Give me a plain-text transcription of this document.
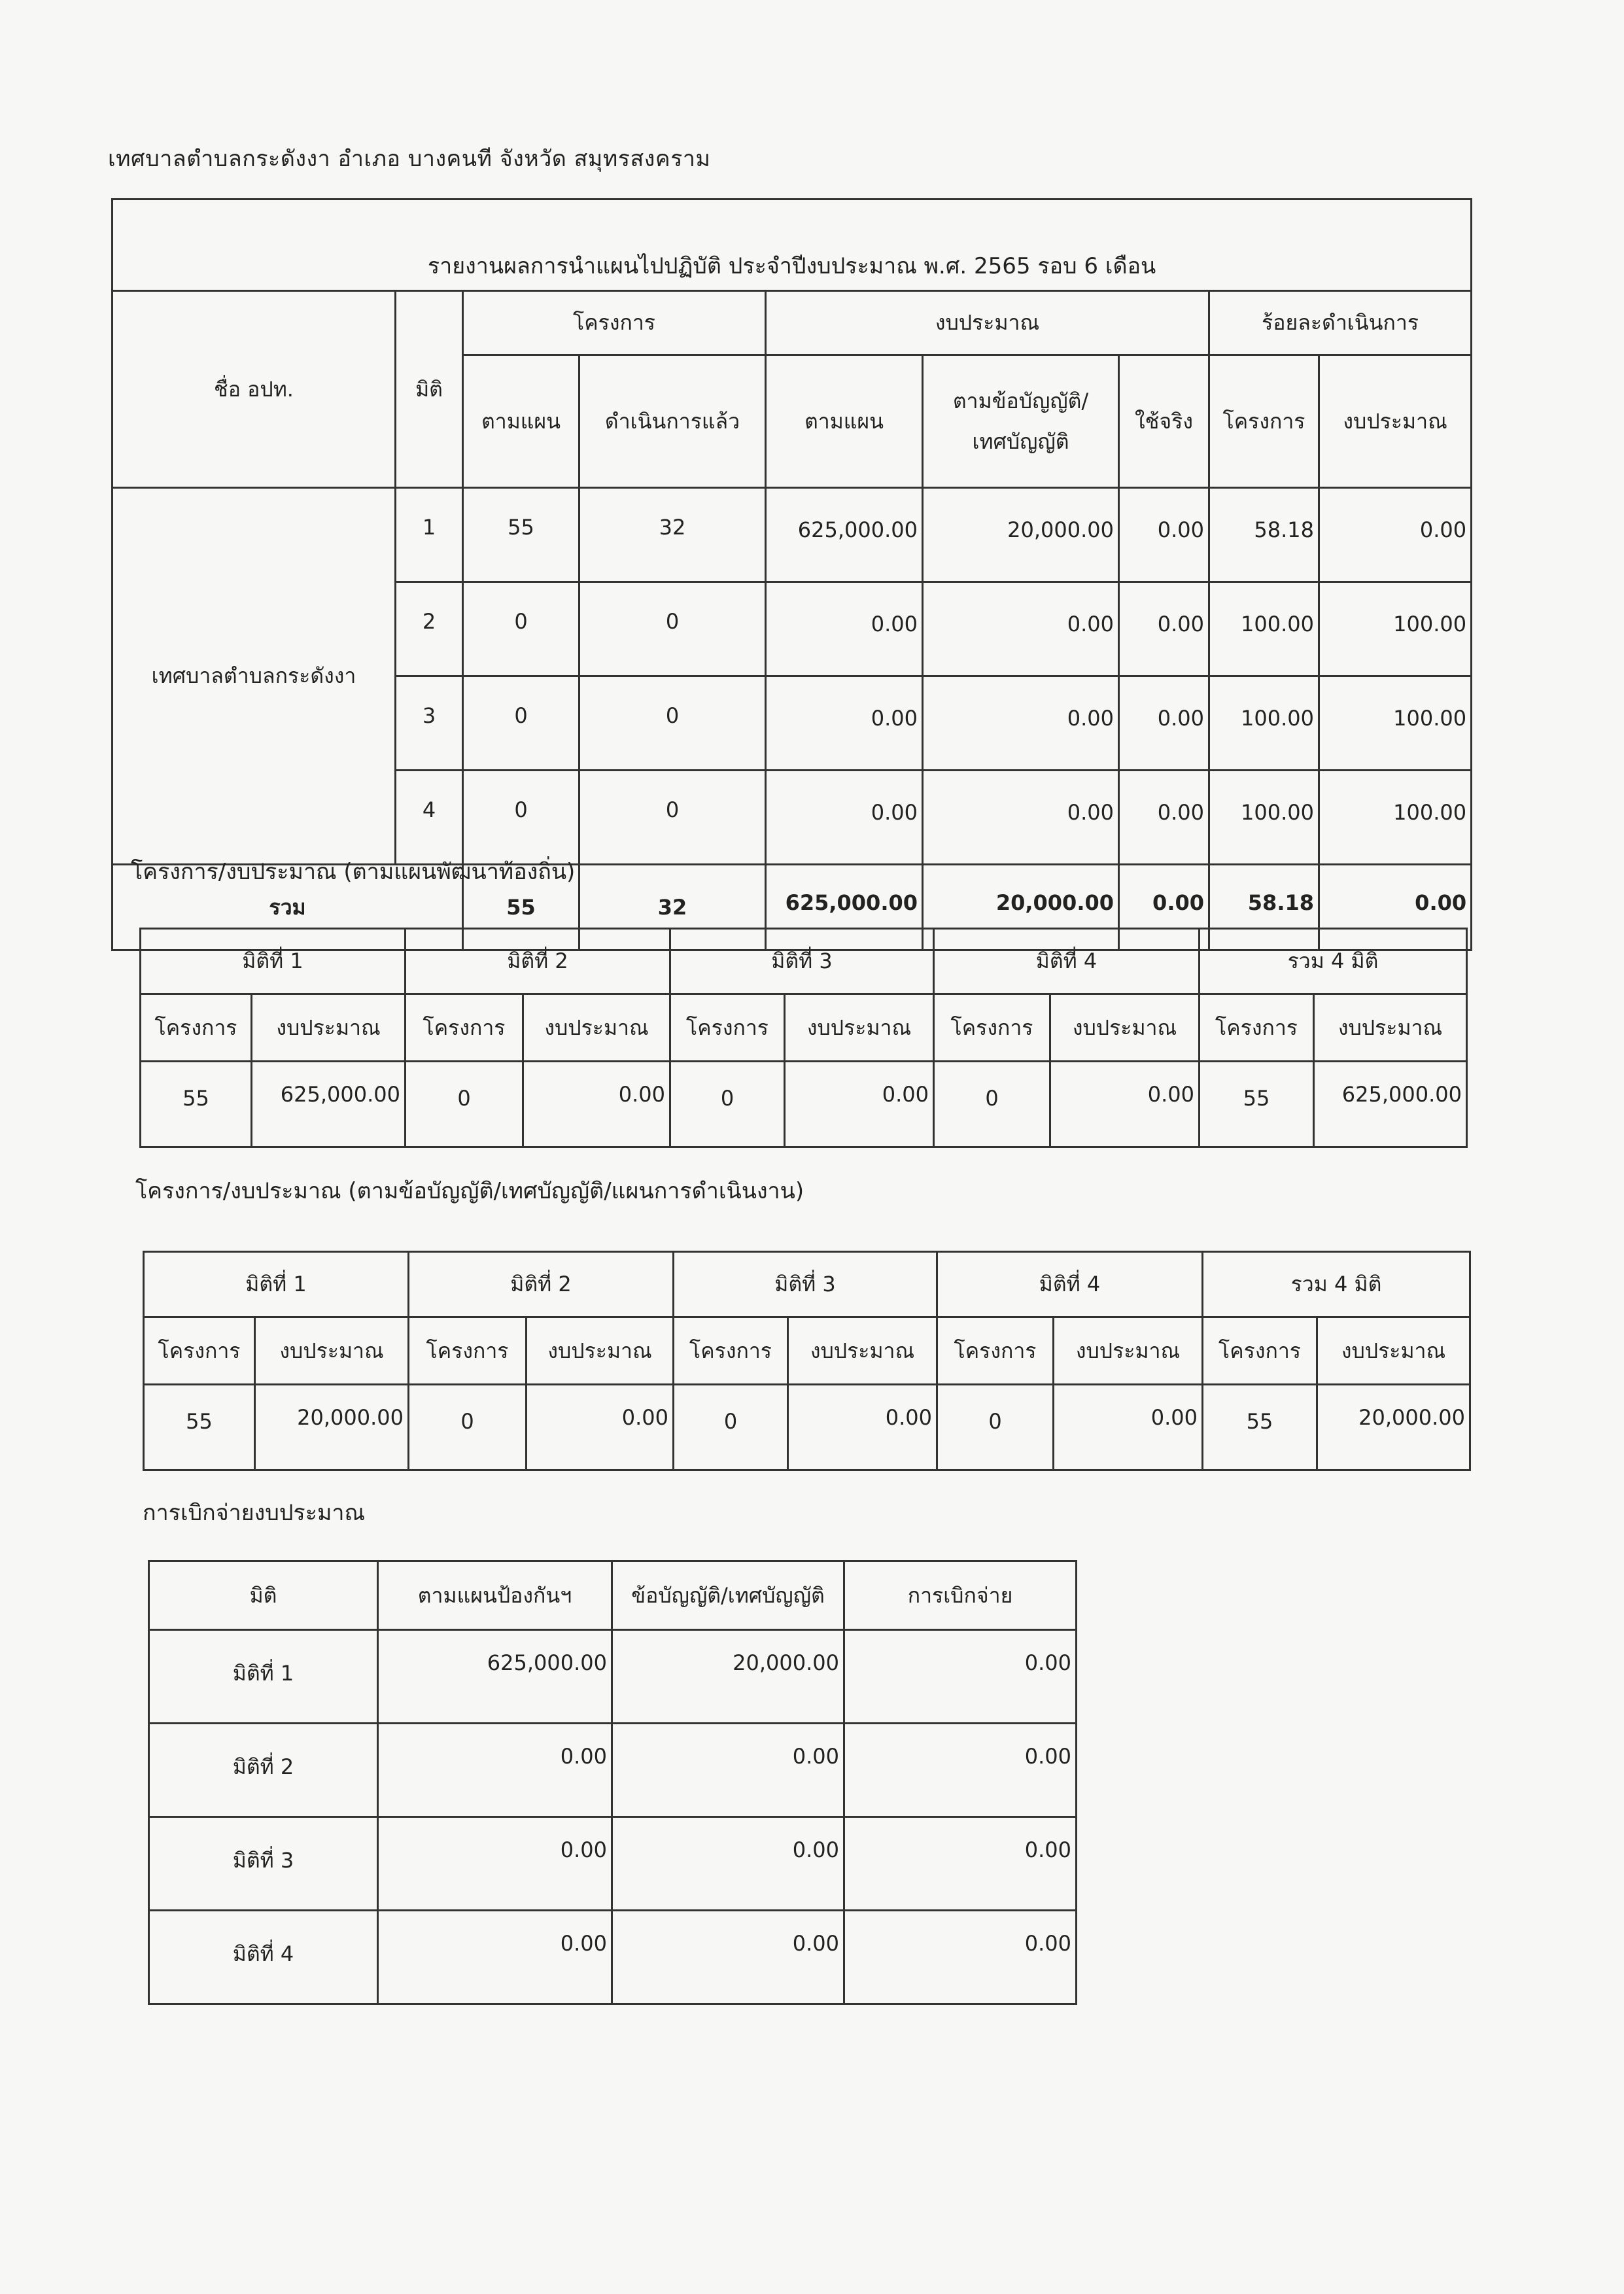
เทศบาลตำบลกระดังงา อำเภอ บางคนที จังหวัด สมุทรสงคราม
รายงานผลการนำแผนไปปฏิบัติ ประจำปีงบประมาณ พ.ศ. 2565 รอบ 6 เดือน								
ชื่อ อปท.	มิติ	โครงการ		งบประมาณ			ร้อยละดำเนินการ	
		ตามแผน	ดำเนินการแล้ว	ตามแผน	ตามข้อบัญญัติ/เทศบัญญัติ	ใช้จริง	โครงการ	งบประมาณ
เทศบาลตำบลกระดังงา	1	55	32	625,000.00	20,000.00	0.00	58.18	0.00
	2	0	0	0.00	0.00	0.00	100.00	100.00
	3	0	0	0.00	0.00	0.00	100.00	100.00
	4	0	0	0.00	0.00	0.00	100.00	100.00
รวม		55	32	625,000.00	20,000.00	0.00	58.18	0.00
โครงการ/งบประมาณ (ตามแผนพัฒนาท้องถิ่น)
มิติที่ 1		มิติที่ 2		มิติที่ 3		มิติที่ 4		รวม 4 มิติ	
โครงการ	งบประมาณ	โครงการ	งบประมาณ	โครงการ	งบประมาณ	โครงการ	งบประมาณ	โครงการ	งบประมาณ
55	625,000.00	0	0.00	0	0.00	0	0.00	55	625,000.00
โครงการ/งบประมาณ (ตามข้อบัญญัติ/เทศบัญญัติ/แผนการดำเนินงาน)
มิติที่ 1		มิติที่ 2		มิติที่ 3		มิติที่ 4		รวม 4 มิติ	
โครงการ	งบประมาณ	โครงการ	งบประมาณ	โครงการ	งบประมาณ	โครงการ	งบประมาณ	โครงการ	งบประมาณ
55	20,000.00	0	0.00	0	0.00	0	0.00	55	20,000.00
การเบิกจ่ายงบประมาณ
มิติ	ตามแผนป้องกันฯ	ข้อบัญญัติ/เทศบัญญัติ	การเบิกจ่าย
มิติที่ 1	625,000.00	20,000.00	0.00
มิติที่ 2	0.00	0.00	0.00
มิติที่ 3	0.00	0.00	0.00
มิติที่ 4	0.00	0.00	0.00
